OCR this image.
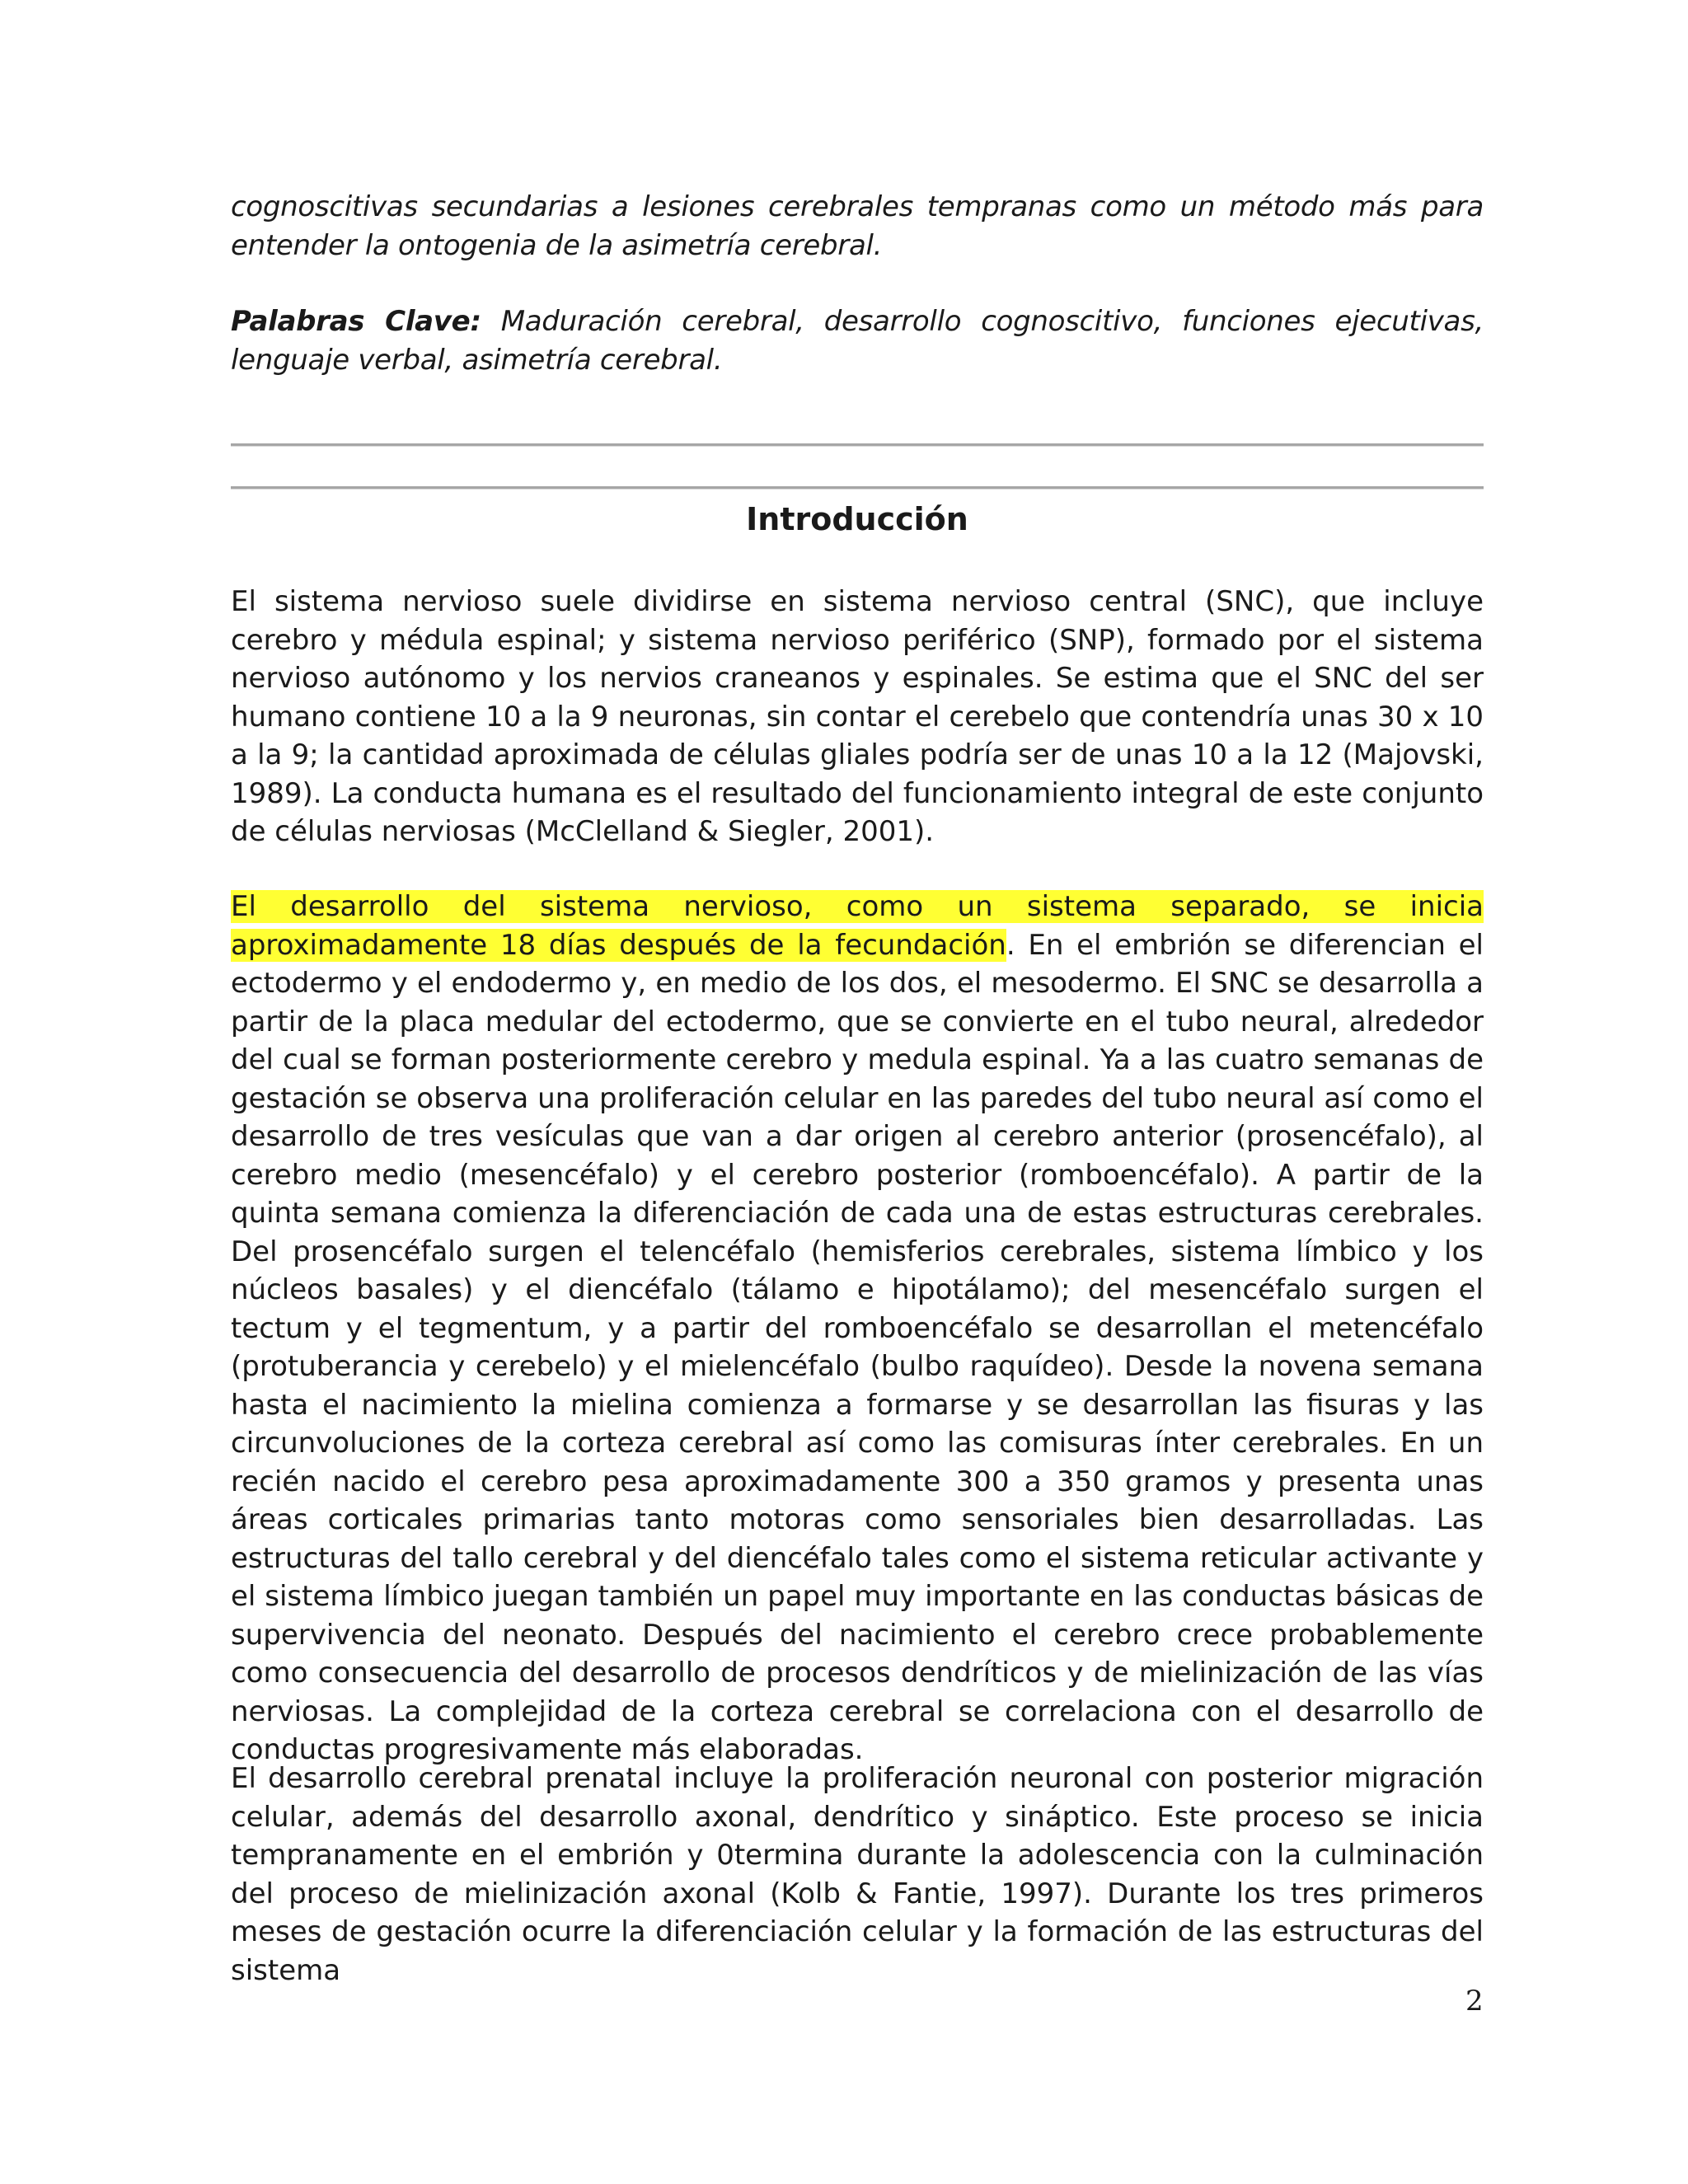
cognoscitivas secundarias a lesiones cerebrales tempranas como un método más para entender la ontogenia de la asimetría cerebral.

Palabras Clave: Maduración cerebral, desarrollo cognoscitivo, funciones ejecutivas, lenguaje verbal, asimetría cerebral.

Introducción

El sistema nervioso suele dividirse en sistema nervioso central (SNC), que incluye cerebro y médula espinal; y sistema nervioso periférico (SNP), formado por el sistema nervioso autónomo y los nervios craneanos y espinales. Se estima que el SNC del ser humano contiene 10 a la 9 neuronas, sin contar el cerebelo que contendría unas 30 x 10 a la 9; la cantidad aproximada de células gliales podría ser de unas 10 a la 12 (Majovski, 1989). La conducta humana es el resultado del funcionamiento integral de este conjunto de células nerviosas (McClelland & Siegler, 2001).

El desarrollo del sistema nervioso, como un sistema separado, se inicia aproximadamente 18 días después de la fecundación. En el embrión se diferencian el ectodermo y el endodermo y, en medio de los dos, el mesodermo. El SNC se desarrolla a partir de la placa medular del ectodermo, que se convierte en el tubo neural, alrededor del cual se forman posteriormente cerebro y medula espinal. Ya a las cuatro semanas de gestación se observa una proliferación celular en las paredes del tubo neural así como el desarrollo de tres vesículas que van a dar origen al cerebro anterior (prosencéfalo), al cerebro medio (mesencéfalo) y el cerebro posterior (romboencéfalo). A partir de la quinta semana comienza la diferenciación de cada una de estas estructuras cerebrales. Del prosencéfalo surgen el telencéfalo (hemisferios cerebrales, sistema límbico y los núcleos basales) y el diencéfalo (tálamo e hipotálamo); del mesencéfalo surgen el tectum y el tegmentum, y a partir del romboencéfalo se desarrollan el metencéfalo (protuberancia y cerebelo) y el mielencéfalo (bulbo raquídeo). Desde la novena semana hasta el nacimiento la mielina comienza a formarse y se desarrollan las fisuras y las circunvoluciones de la corteza cerebral así como las comisuras ínter cerebrales. En un recién nacido el cerebro pesa aproximadamente 300 a 350 gramos y presenta unas áreas corticales primarias tanto motoras como sensoriales bien desarrolladas. Las estructuras del tallo cerebral y del diencéfalo tales como el sistema reticular activante y el sistema límbico juegan también un papel muy importante en las conductas básicas de supervivencia del neonato. Después del nacimiento el cerebro crece probablemente como consecuencia del desarrollo de procesos dendríticos y de mielinización de las vías nerviosas. La complejidad de la corteza cerebral se correlaciona con el desarrollo de conductas progresivamente más elaboradas.

El desarrollo cerebral prenatal incluye la proliferación neuronal con posterior migración celular, además del desarrollo axonal, dendrítico y sináptico. Este proceso se inicia tempranamente en el embrión y 0termina durante la adolescencia con la culminación del proceso de mielinización axonal (Kolb & Fantie, 1997). Durante los tres primeros meses de gestación ocurre la diferenciación celular y la formación de las estructuras del sistema

2
